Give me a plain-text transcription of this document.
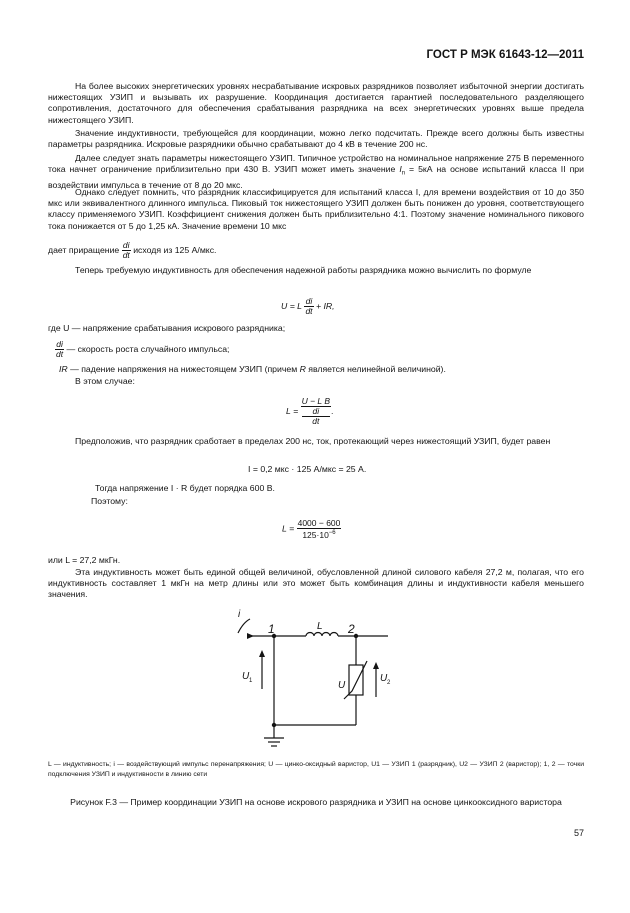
ГОСТ Р МЭК 61643-12—2011
На более высоких энергетических уровнях несрабатывание искровых разрядников позволяет избыточной энергии достигать нижестоящих УЗИП и вызывать их разрушение. Координация достигается гарантией последовательного разделяющего сопротивления, достаточного для обеспечения срабатывания разрядника на всех энергетических уровнях выше предела нижестоящего УЗИП.
Значение индуктивности, требующейся для координации, можно легко подсчитать. Прежде всего должны быть известны параметры разрядника. Искровые разрядники обычно срабатывают до 4 кВ в течение 200 нс.
Далее следует знать параметры нижестоящего УЗИП. Типичное устройство на номинальное напряжение 275 В переменного тока начнет ограничение приблизительно при 430 В. УЗИП может иметь значение $I_n = 5кА$ на основе испытаний класса II при воздействии импульса в течение от 8 до 20 мкс.
Однако следует помнить, что разрядник классифицируется для испытаний класса I, для времени воздействия от 10 до 350 мкс или эквивалентного длинного импульса. Пиковый ток нижестоящего УЗИП должен быть понижен до уровня, соответствующего классу применяемого УЗИП. Коэффициент снижения должен быть приблизительно 4:1. Поэтому значение номинального пикового тока понижается от 5 до 1,25 кА. Значение времени 10 мкс
дает приращение $\frac{di}{dt}$ исходя из 125 А/мкс.
Теперь требуемую индуктивность для обеспечения надежной работы разрядника можно вычислить по формуле
U = L $\frac{di}{dt}$ + IR,
где U — напряжение срабатывания искрового разрядника;
$\frac{di}{dt}$ — скорость роста случайного импульса;
IR — падение напряжения на нижестоящем УЗИП (причем R является нелинейной величиной).
В этом случае:
L = U − L B
di
dt .
Предположив, что разрядник сработает в пределах 200 нс, ток, протекающий через нижестоящий УЗИП, будет равен
I = 0,2 мкс · 125 А/мкс = 25 А.
Тогда напряжение I · R будет порядка 600 В.
Поэтому:
$L = \frac{4000 - 600}{125\cdot 10^{-6}}$
или L = 27,2 мкГн.
Эта индуктивность может быть единой общей величиной, обусловленной длиной силового кабеля 27,2 м, полагая, что его индуктивность составляет 1 мкГн на метр длины или это может быть комбинация длины и индуктивности кабеля меньшего значения.
i
1	L 2
U 1	U
U 2
L — индуктивность; i — воздействующий импульс перенапряжения; U — цинко-оксидный варистор, U1 — УЗИП 1 (разрядник), U2 — УЗИП 2 (варистор); 1, 2 — точки подключения УЗИП и индуктивности в линию сети
Рисунок F.3 — Пример координации УЗИП на основе искрового разрядника и УЗИП на основе цинкооксидного варистора
57
